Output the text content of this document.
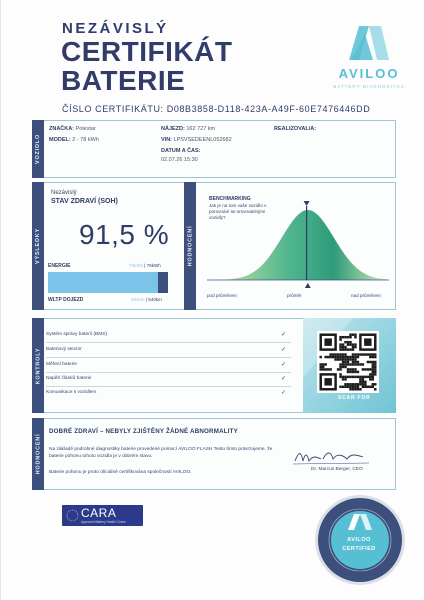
NEZÁVISLÝ
CERTIFIKÁT
BATERIE
ČÍSLO CERTIFIKÁTU: D08B3858-D118-423A-A49F-60E7476446DD
AVILOO
BATTERY DIAGNOSTICS
VOZIDLO
ZNAČKA: Polestar
MODEL: 2 - 78 kWh
NÁJEZD: 162 727 km
VIN: LPSVSEDEENL052682
DATUM A ČAS:
02.07.26 15:30
REALIZOVAL/A:
VÝSLEDKY	HODNOCENÍ
Nezávislý
STAV ZDRAVÍ (SOH)
91,5 %
ENERGIE	70kWh | 76kWh
WLTP DOJEZD	494km | 540km
BENCHMARKING
Jak je na tom vaše vozidlo v porovnání se srovnatelnými vozidly?
pod průměrem	průměr	nad průměrem
KONTROLY
Systém správy baterií (BMS)	✓
Bateriový senzor	✓
Měření baterie	✓
Napětí článků baterie	✓
Komunikace s vozidlem	✓
SCAN FOR
HODNOCENÍ
DOBRÉ ZDRAVÍ – NEBYLY ZJIŠTĚNY ŽÁDNÉ ABNORMALITY
Na základě podrobné diagnostiky baterie provedené pomocí AVILOO FLASH Testu tímto potvrzujeme, že baterie pohonu tohoto vozidla je v dobrém stavu.
Baterie pohonu je proto oficiálně certifikována společností AVILOO.
Dr. Marcus Berger, CEO
CARA
Approved Battery Health Check
AVILOO
CERTIFIED
